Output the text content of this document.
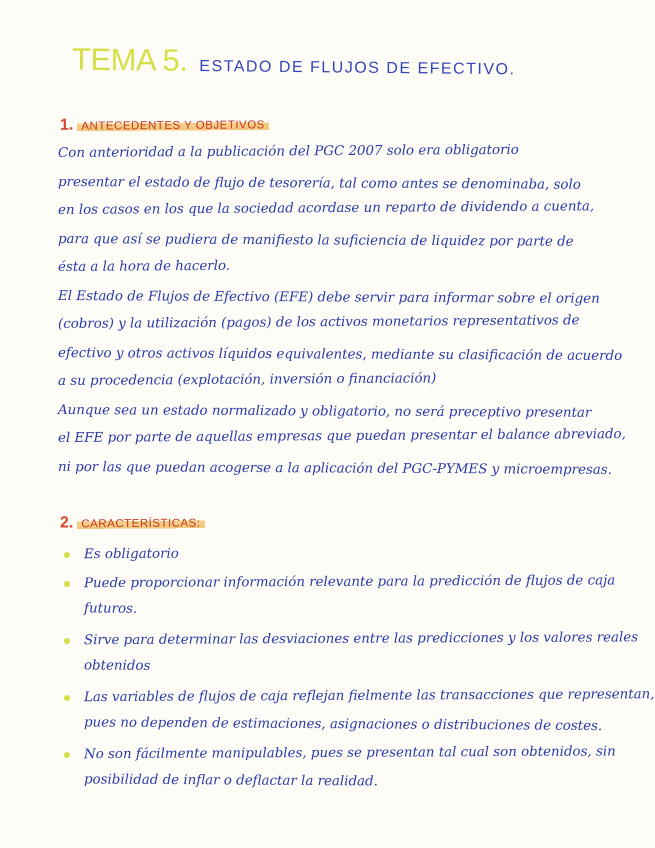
TEMA 5. ESTADO DE FLUJOS DE EFECTIVO.
1. ANTECEDENTES Y OBJETIVOS
Con anterioridad a la publicación del PGC 2007 solo era obligatorio
presentar el estado de flujo de tesorería, tal como antes se denominaba, solo
en los casos en los que la sociedad acordase un reparto de dividendo a cuenta,
para que así se pudiera de manifiesto la suficiencia de liquidez por parte de
ésta a la hora de hacerlo.
El Estado de Flujos de Efectivo (EFE) debe servir para informar sobre el origen
(cobros) y la utilización (pagos) de los activos monetarios representativos de
efectivo y otros activos líquidos equivalentes, mediante su clasificación de acuerdo
a su procedencia (explotación, inversión o financiación)
Aunque sea un estado normalizado y obligatorio, no será preceptivo presentar
el EFE por parte de aquellas empresas que puedan presentar el balance abreviado,
ni por las que puedan acogerse a la aplicación del PGC-PYMES y microempresas.
2. CARACTERÍSTICAS:
Es obligatorio
Puede proporcionar información relevante para la predicción de flujos de caja
futuros.
Sirve para determinar las desviaciones entre las predicciones y los valores reales
obtenidos
Las variables de flujos de caja reflejan fielmente las transacciones que representan,
pues no dependen de estimaciones, asignaciones o distribuciones de costes.
No son fácilmente manipulables, pues se presentan tal cual son obtenidos, sin
posibilidad de inflar o deflactar la realidad.
